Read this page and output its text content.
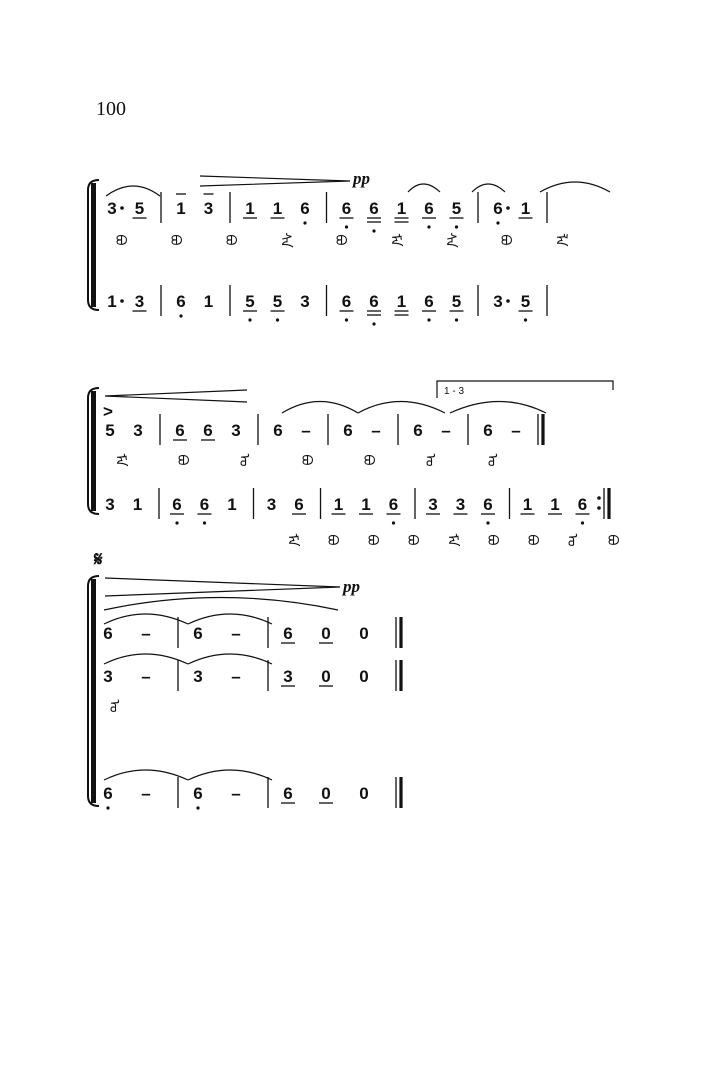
100
3 5 1 3 1 1 6 6 6 1 6 5 6 1
ᠪᠣ	ᠪᠣ	ᠪᠣ	ᠰᠠ	ᠪᠣ	ᠮᠠ	ᠰᠠ	ᠪᠣ	ᠯᠠ
1 3 6 1 5 5 3 6 6 1 6 5 3 5
pp
>
1 - 3
5 3 6 6 3 6 – 6 – 6 – 6 –
ᠮᠠ	ᠪᠣ	ᠣ	ᠪᠣ	ᠪᠣ	ᠣ	ᠣ
3 1 6 6 1 3 6 1 1 6 3 3 6 1 1 6
ᠮᠠ ᠪᠣ ᠪᠣ ᠪᠣ ᠮᠠ ᠪᠣ ᠪᠣ ᠣ ᠪᠣ
𝄋
pp
6 –	6 –	6 0 0
3 –	3 –	3 0 0
ᠣ
6 –	6 –	6 0 0
